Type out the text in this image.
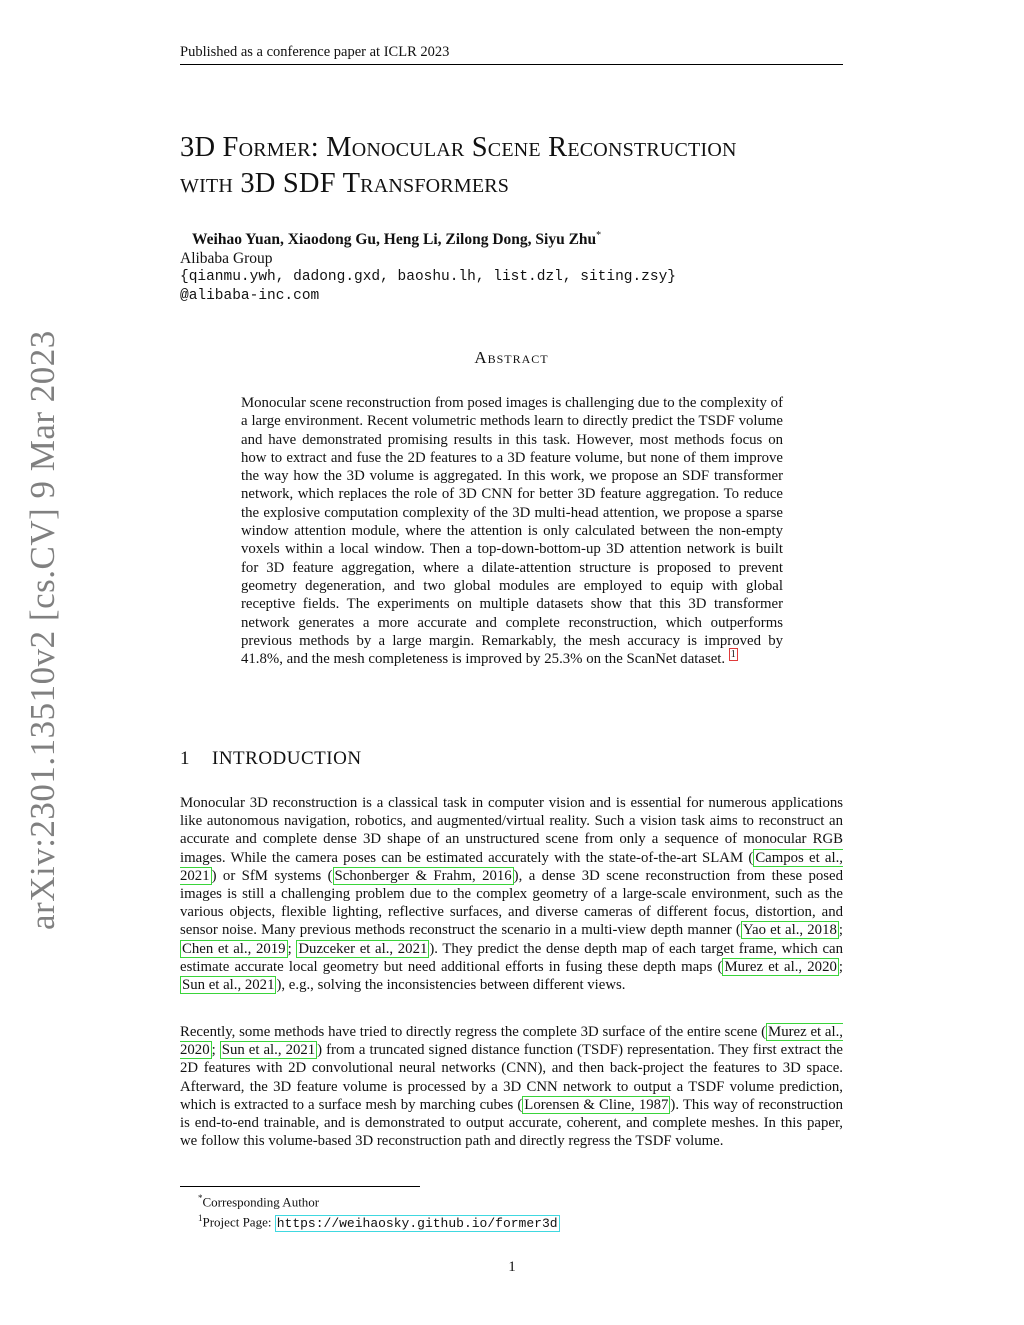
Published as a conference paper at ICLR 2023
arXiv:2301.13510v2 [cs.CV] 9 Mar 2023
3D Former: Monocular Scene Reconstruction
with 3D SDF Transformers
Weihao Yuan, Xiaodong Gu, Heng Li, Zilong Dong, Siyu Zhu*
Alibaba Group
{qianmu.ywh, dadong.gxd, baoshu.lh, list.dzl, siting.zsy}
@alibaba-inc.com
Abstract
Monocular scene reconstruction from posed images is challenging due to the complexity of a large environment. Recent volumetric methods learn to directly predict the TSDF volume and have demonstrated promising results in this task. However, most methods focus on how to extract and fuse the 2D features to a 3D feature volume, but none of them improve the way how the 3D volume is aggregated. In this work, we propose an SDF transformer network, which replaces the role of 3D CNN for better 3D feature aggregation. To reduce the explosive computation complexity of the 3D multi-head attention, we propose a sparse window attention module, where the attention is only calculated between the non-empty voxels within a local window. Then a top-down-bottom-up 3D attention network is built for 3D feature aggregation, where a dilate-attention structure is proposed to prevent geometry degeneration, and two global modules are employed to equip with global receptive fields. The experiments on multiple datasets show that this 3D transformer network generates a more accurate and complete reconstruction, which outperforms previous methods by a large margin. Remarkably, the mesh accuracy is improved by 41.8%, and the mesh completeness is improved by 25.3% on the ScanNet dataset. $^1$
1 INTRODUCTION
Monocular 3D reconstruction is a classical task in computer vision and is essential for numerous applications like autonomous navigation, robotics, and augmented/virtual reality. Such a vision task aims to reconstruct an accurate and complete dense 3D shape of an unstructured scene from only a sequence of monocular RGB images. While the camera poses can be estimated accurately with the state-of-the-art SLAM ( Campos et al., 2021 ) or SfM systems ( Schonberger & Frahm, 2016 ), a dense 3D scene reconstruction from these posed images is still a challenging problem due to the complex geometry of a large-scale environment, such as the various objects, flexible lighting, reflective surfaces, and diverse cameras of different focus, distortion, and sensor noise. Many previous methods reconstruct the scenario in a multi-view depth manner ( Yao et al., 2018 ; Chen et al., 2019 ; Duzceker et al., 2021 ). They predict the dense depth map of each target frame, which can estimate accurate local geometry but need additional efforts in fusing these depth maps ( Murez et al., 2020 ; Sun et al., 2021 ), e.g., solving the inconsistencies between different views.
Recently, some methods have tried to directly regress the complete 3D surface of the entire scene ( Murez et al., 2020 ; Sun et al., 2021 ) from a truncated signed distance function (TSDF) representation. They first extract the 2D features with 2D convolutional neural networks (CNN), and then back-project the features to 3D space. Afterward, the 3D feature volume is processed by a 3D CNN network to output a TSDF volume prediction, which is extracted to a surface mesh by marching cubes ( Lorensen & Cline, 1987 ). This way of reconstruction is end-to-end trainable, and is demonstrated to output accurate, coherent, and complete meshes. In this paper, we follow this volume-based 3D reconstruction path and directly regress the TSDF volume.
*Corresponding Author
$^1$Project Page: https://weihaosky.github.io/former3d
1
